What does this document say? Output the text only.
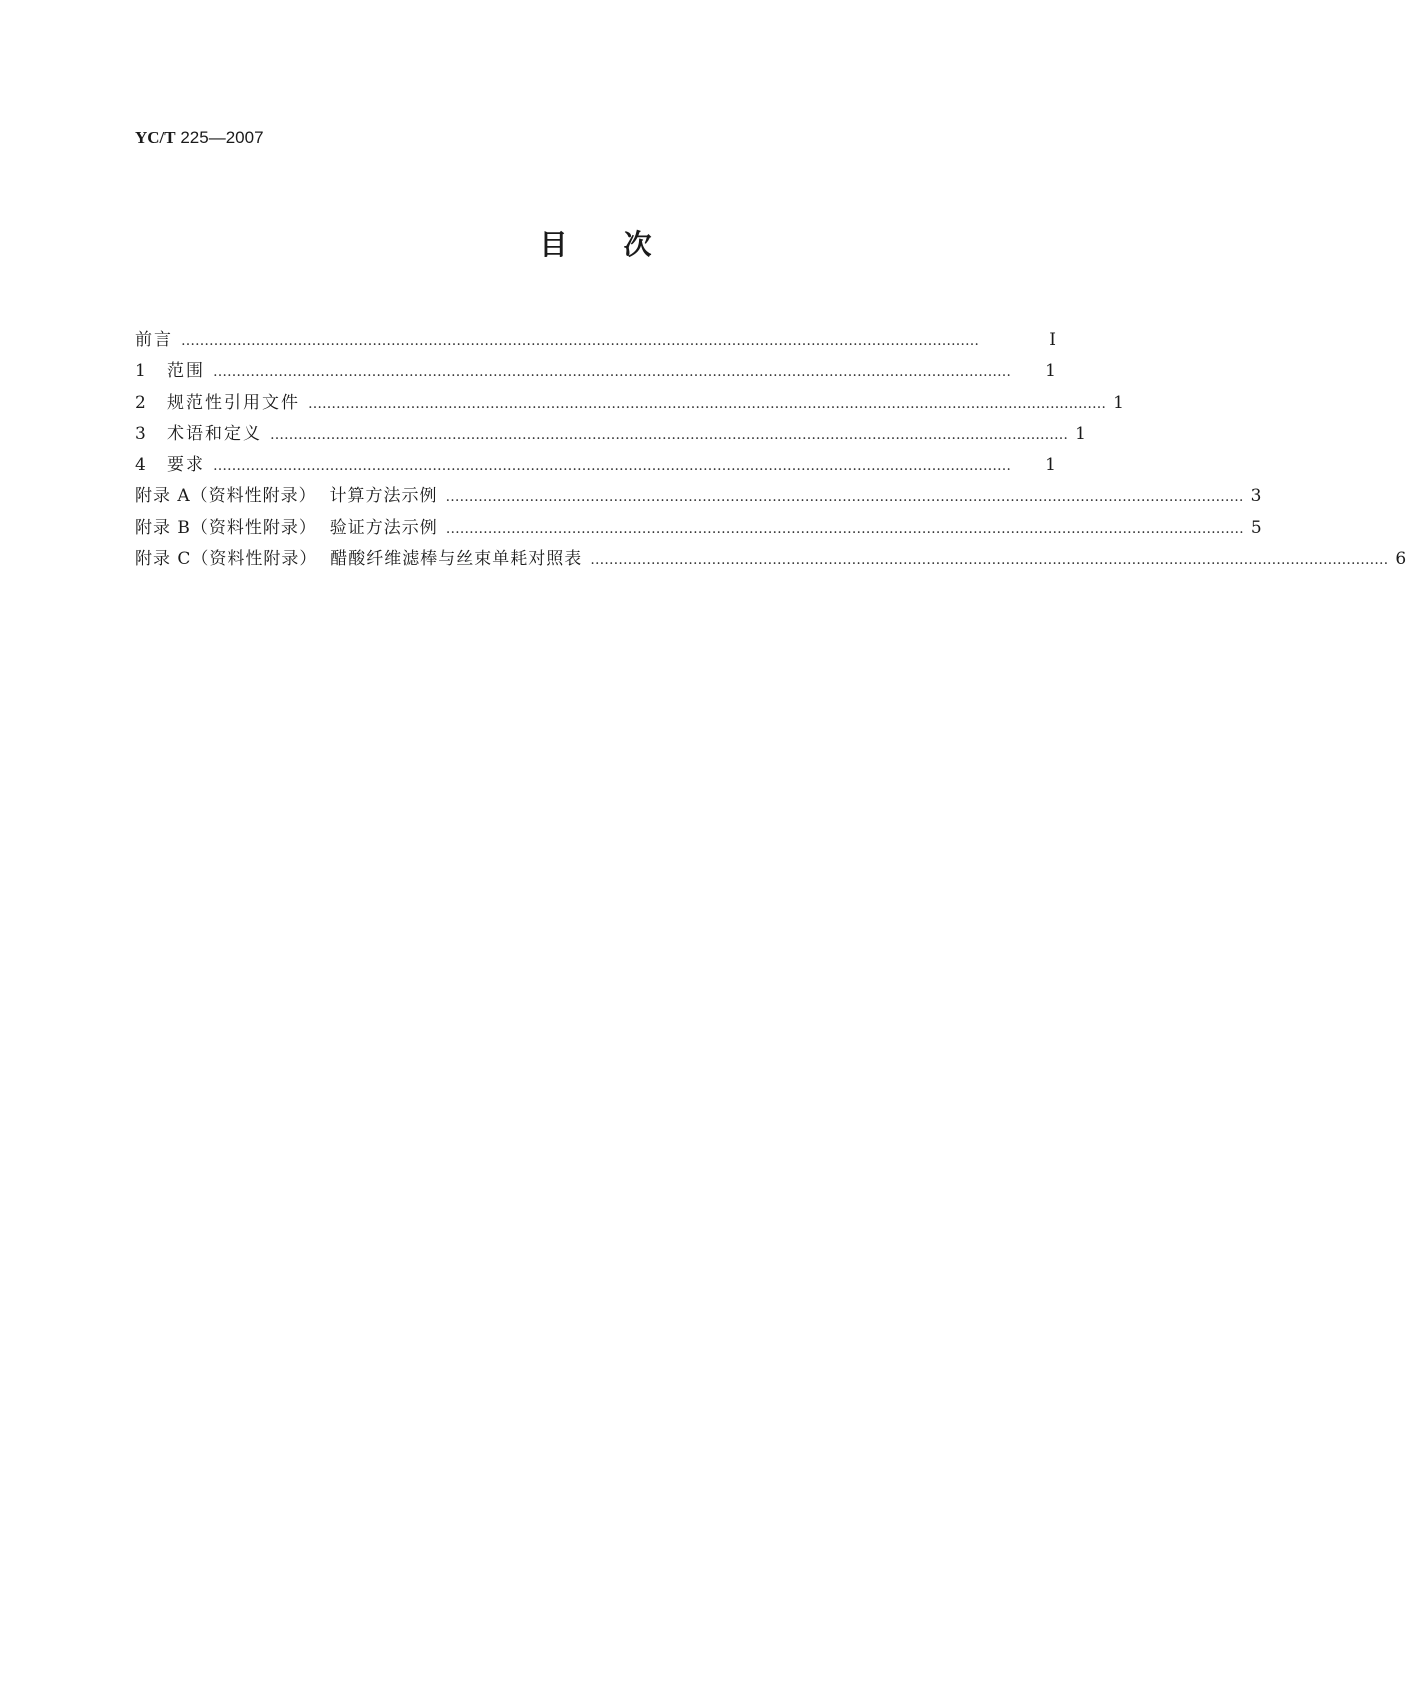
YC/T 225—2007
目次
前言 ………………………………………………………………………………………………………………………………………………………	Ⅰ
1 范围 ………………………………………………………………………………………………………………………………………………………	1
2 规范性引用文件 ……………………………………………………………………………………………………………………………………………………… 1
3 术语和定义 ……………………………………………………………………………………………………………………………………………………… 1
4 要求 ………………………………………………………………………………………………………………………………………………………	1
附录 A（资料性附录）  计算方法示例 ……………………………………………………………………………………………………………………………………………………… 3
附录 B（资料性附录）  验证方法示例 ……………………………………………………………………………………………………………………………………………………… 5
附录 C（资料性附录）  醋酸纤维滤棒与丝束单耗对照表 ……………………………………………………………………………………………………………………………………………………… 6
